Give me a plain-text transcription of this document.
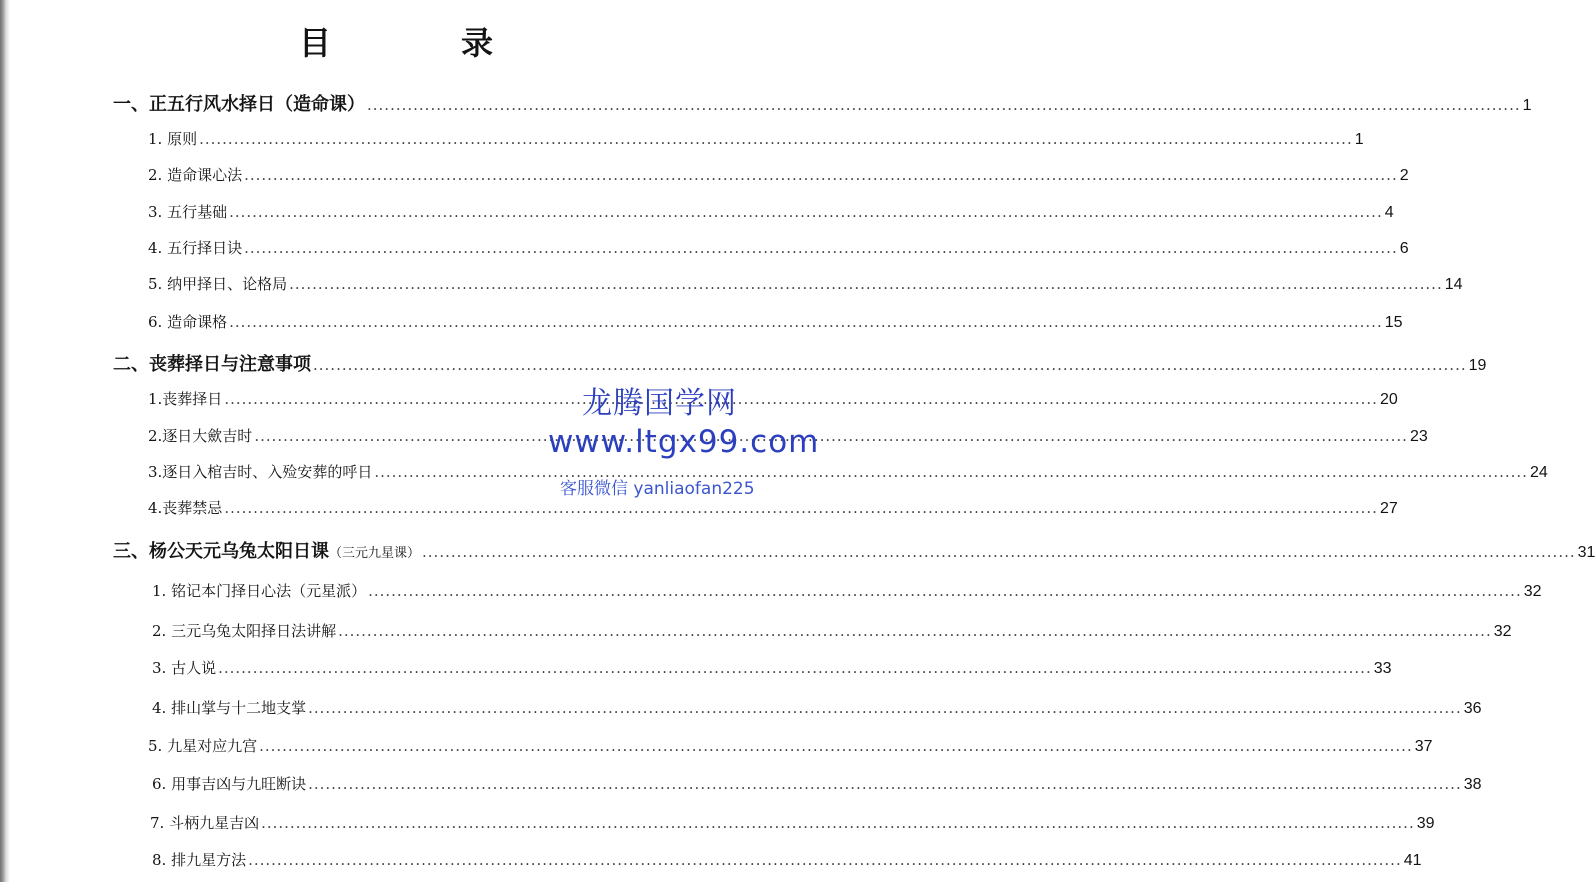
目	录
一、正五行风水择日（造命课） .....	1
1. 原则 .....	1
2. 造命课心法 .....	2
3. 五行基础 .....	4
4. 五行择日诀 .....	6
5. 纳甲择日、论格局 .....	14
6. 造命课格 .....	15
二、丧葬择日与注意事项 .....	19
1.丧葬择日 .....	20
2.逐日大歛吉时 .....	23
3.逐日入棺吉时、入殓安葬的呼日 .....	24
4.丧葬禁忌 .....	27
三、杨公天元乌兔太阳日课（三元九星课） .....	31
1. 铭记本门择日心法（元星派） .....	32
2. 三元乌兔太阳择日法讲解 .....	32
3. 古人说 .....	33
4. 排山掌与十二地支掌 .....	36
5. 九星对应九宫 .....	37
6. 用事吉凶与九旺断诀 .....	38
7. 斗柄九星吉凶 .....	39
8. 排九星方法 .....	41
龙腾国学网
www.ltgx99.com
客服微信 yanliaofan225
